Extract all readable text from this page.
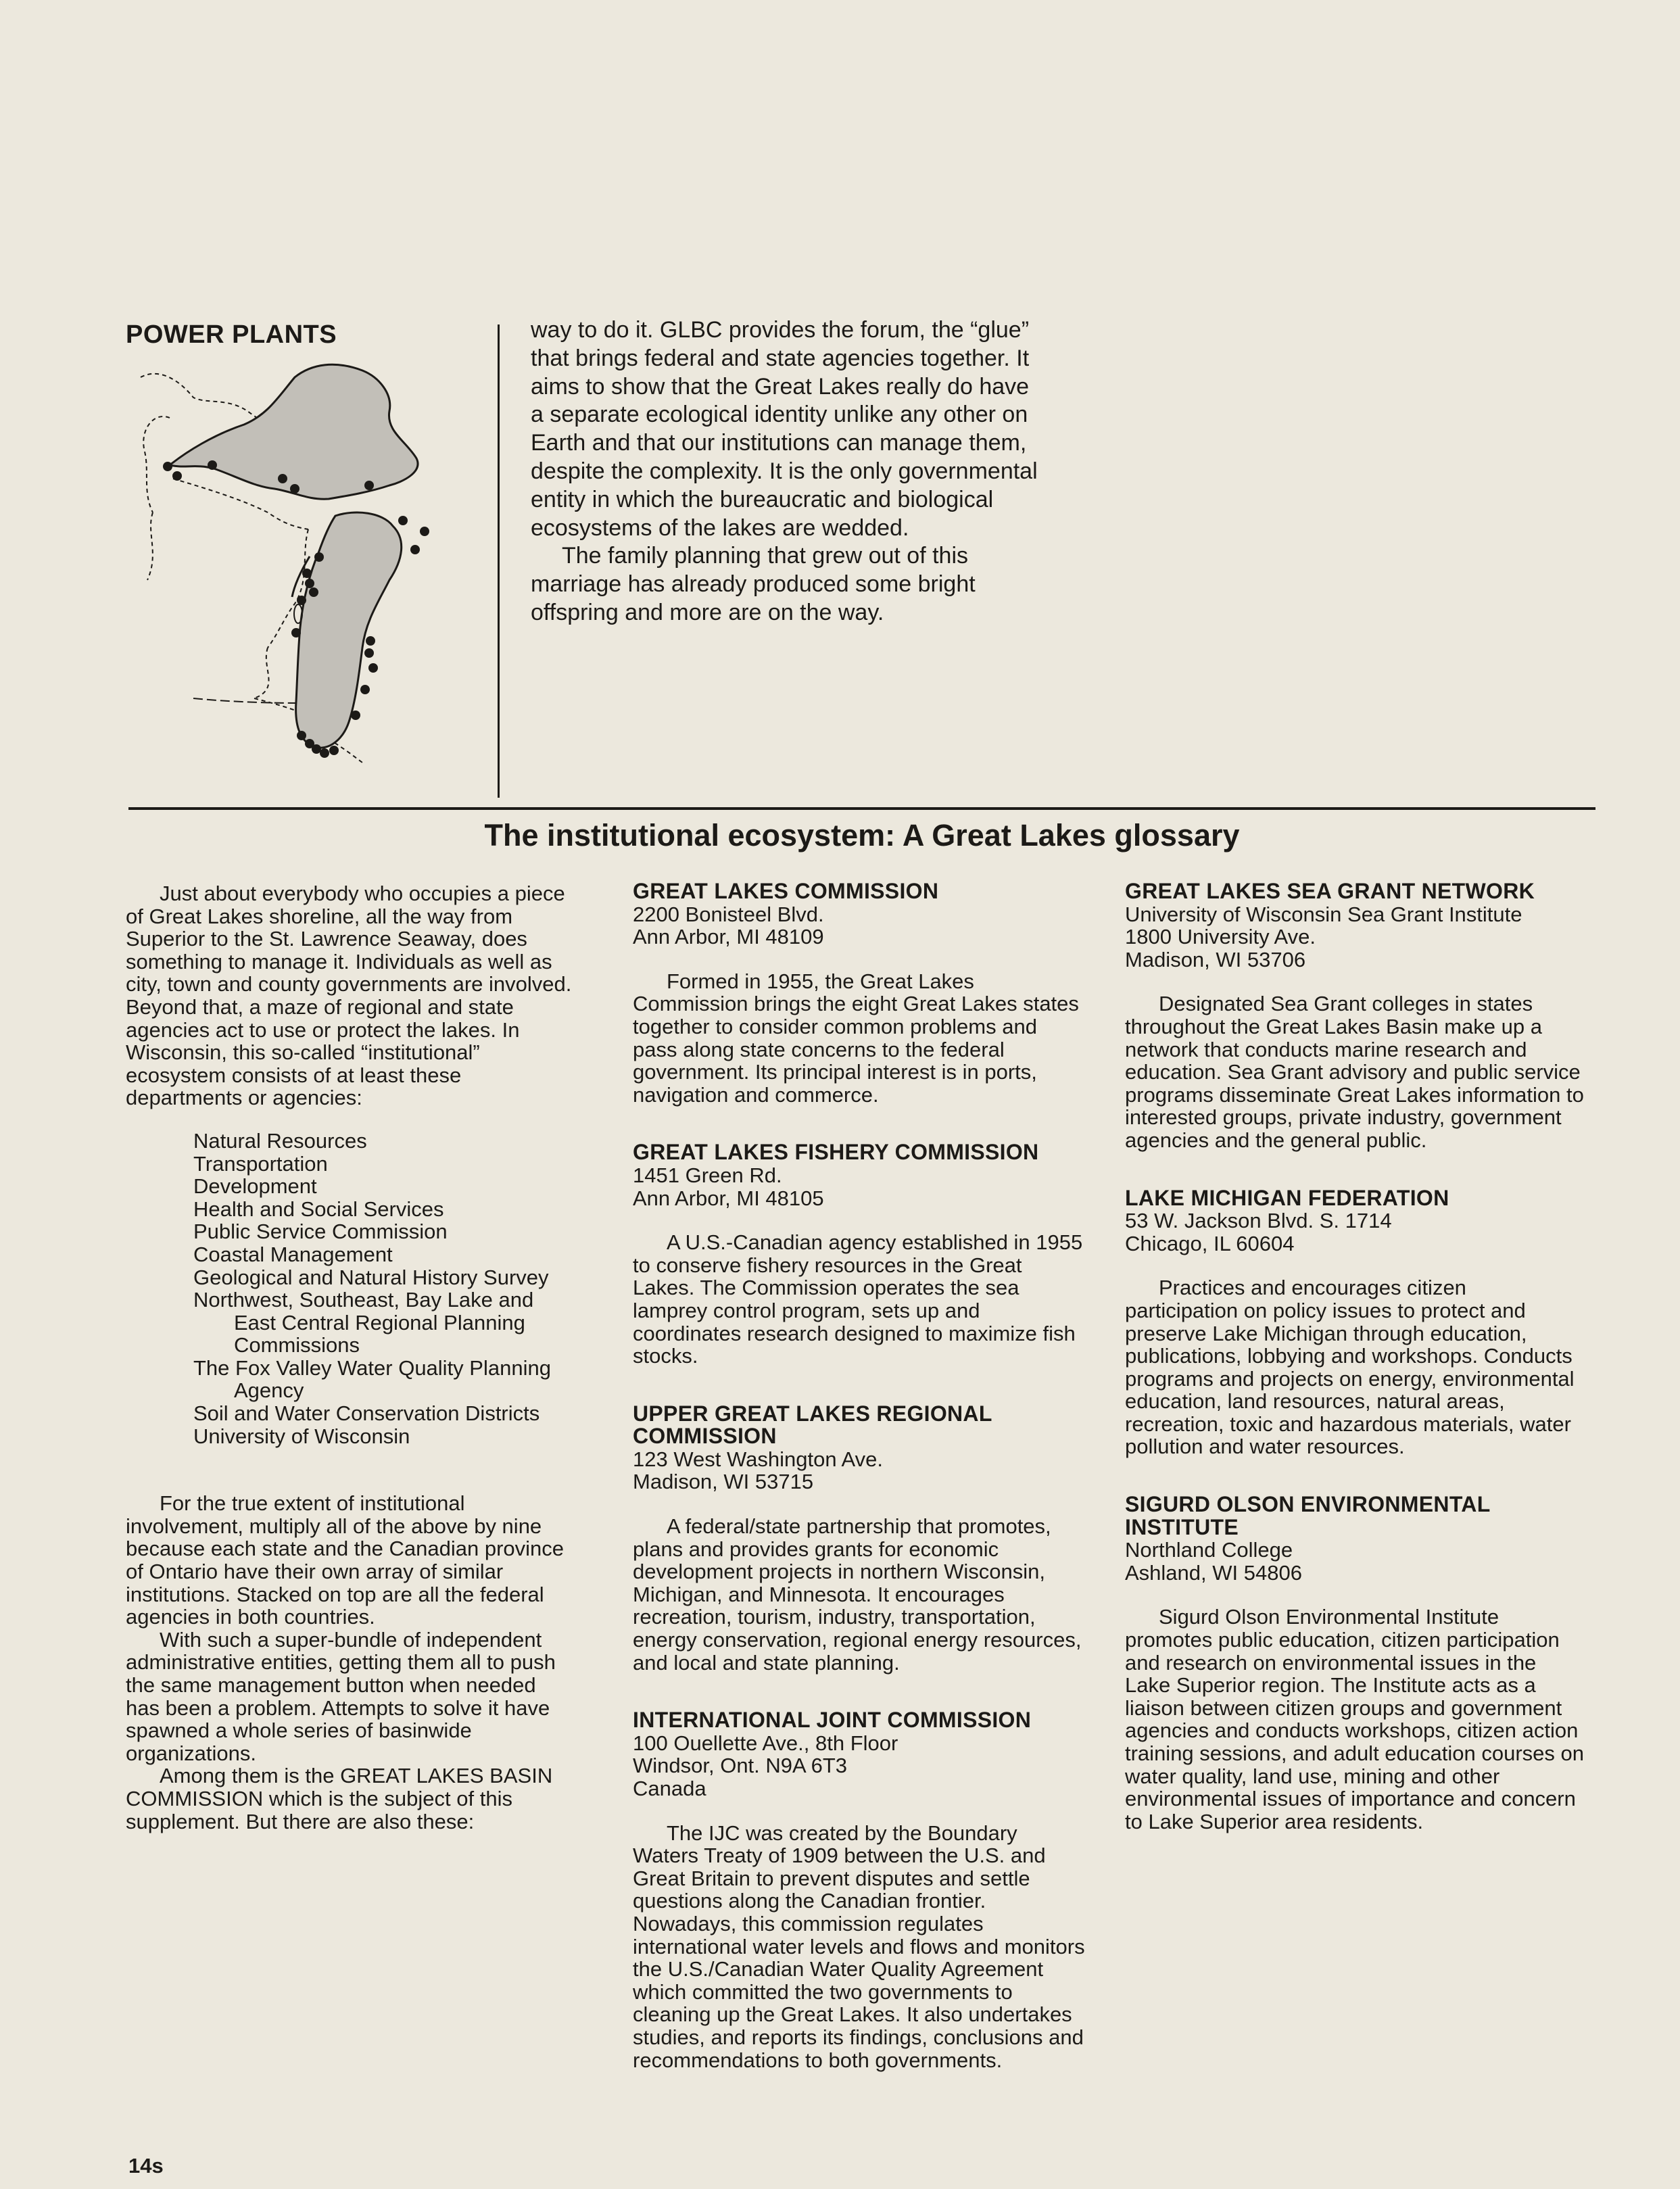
POWER PLANTS	way to do it. GLBC provides the forum, the “glue” that brings federal and state agencies together. It aims to show that the Great Lakes really do have a separate ecological identity unlike any other on Earth and that our institutions can manage them, despite the complexity. It is the only governmental entity in which the bureaucratic and biological ecosystems of the lakes are wedded.

The family planning that grew out of this marriage has already produced some bright offspring and more are on the way.

The institutional ecosystem: A Great Lakes glossary

Just about everybody who occupies a piece of Great Lakes shoreline, all the way from Superior to the St. Lawrence Seaway, does something to manage it. Individuals as well as city, town and county governments are involved. Beyond that, a maze of regional and state agencies act to use or protect the lakes. In Wisconsin, this so-called “institutional” ecosystem consists of at least these departments or agencies:

Natural Resources
Transportation
Development
Health and Social Services
Public Service Commission
Coastal Management
Geological and Natural History Survey
Northwest, Southeast, Bay Lake and East Central Regional Planning Commissions
The Fox Valley Water Quality Planning Agency
Soil and Water Conservation Districts
University of Wisconsin

For the true extent of institutional involvement, multiply all of the above by nine because each state and the Canadian province of Ontario have their own array of similar institutions. Stacked on top are all the federal agencies in both countries.

With such a super-bundle of independent administrative entities, getting them all to push the same management button when needed has been a problem. Attempts to solve it have spawned a whole series of basinwide organizations.

Among them is the GREAT LAKES BASIN COMMISSION which is the subject of this supplement. But there are also these:

GREAT LAKES COMMISSION

2200 Bonisteel Blvd.

Ann Arbor, MI 48109

Formed in 1955, the Great Lakes Commission brings the eight Great Lakes states together to consider common problems and pass along state concerns to the federal government. Its principal interest is in ports, navigation and commerce.

GREAT LAKES FISHERY COMMISSION

1451 Green Rd.

Ann Arbor, MI 48105

A U.S.-Canadian agency established in 1955 to conserve fishery resources in the Great Lakes. The Commission operates the sea lamprey control program, sets up and coordinates research designed to maximize fish stocks.

UPPER GREAT LAKES REGIONAL COMMISSION

123 West Washington Ave.

Madison, WI 53715

A federal/state partnership that promotes, plans and provides grants for economic development projects in northern Wisconsin, Michigan, and Minnesota. It encourages recreation, tourism, industry, transportation, energy conservation, regional energy resources, and local and state planning.

INTERNATIONAL JOINT COMMISSION

100 Ouellette Ave., 8th Floor

Windsor, Ont. N9A 6T3

Canada

The IJC was created by the Boundary Waters Treaty of 1909 between the U.S. and Great Britain to prevent disputes and settle questions along the Canadian frontier. Nowadays, this commission regulates international water levels and flows and monitors the U.S./Canadian Water Quality Agreement which committed the two governments to cleaning up the Great Lakes. It also undertakes studies, and reports its findings, conclusions and recommendations to both governments.

GREAT LAKES SEA GRANT NETWORK

University of Wisconsin Sea Grant Institute

1800 University Ave.

Madison, WI 53706

Designated Sea Grant colleges in states throughout the Great Lakes Basin make up a network that conducts marine research and education. Sea Grant advisory and public service programs disseminate Great Lakes information to interested groups, private industry, government agencies and the general public.

LAKE MICHIGAN FEDERATION

53 W. Jackson Blvd. S. 1714

Chicago, IL 60604

Practices and encourages citizen participation on policy issues to protect and preserve Lake Michigan through education, publications, lobbying and workshops. Conducts programs and projects on energy, environmental education, land resources, natural areas, recreation, toxic and hazardous materials, water pollution and water resources.

SIGURD OLSON ENVIRONMENTAL INSTITUTE

Northland College

Ashland, WI 54806

Sigurd Olson Environmental Institute promotes public education, citizen participation and research on environmental issues in the Lake Superior region. The Institute acts as a liaison between citizen groups and government agencies and conducts workshops, citizen action training sessions, and adult education courses on water quality, land use, mining and other environmental issues of importance and concern to Lake Superior area residents.

14s
